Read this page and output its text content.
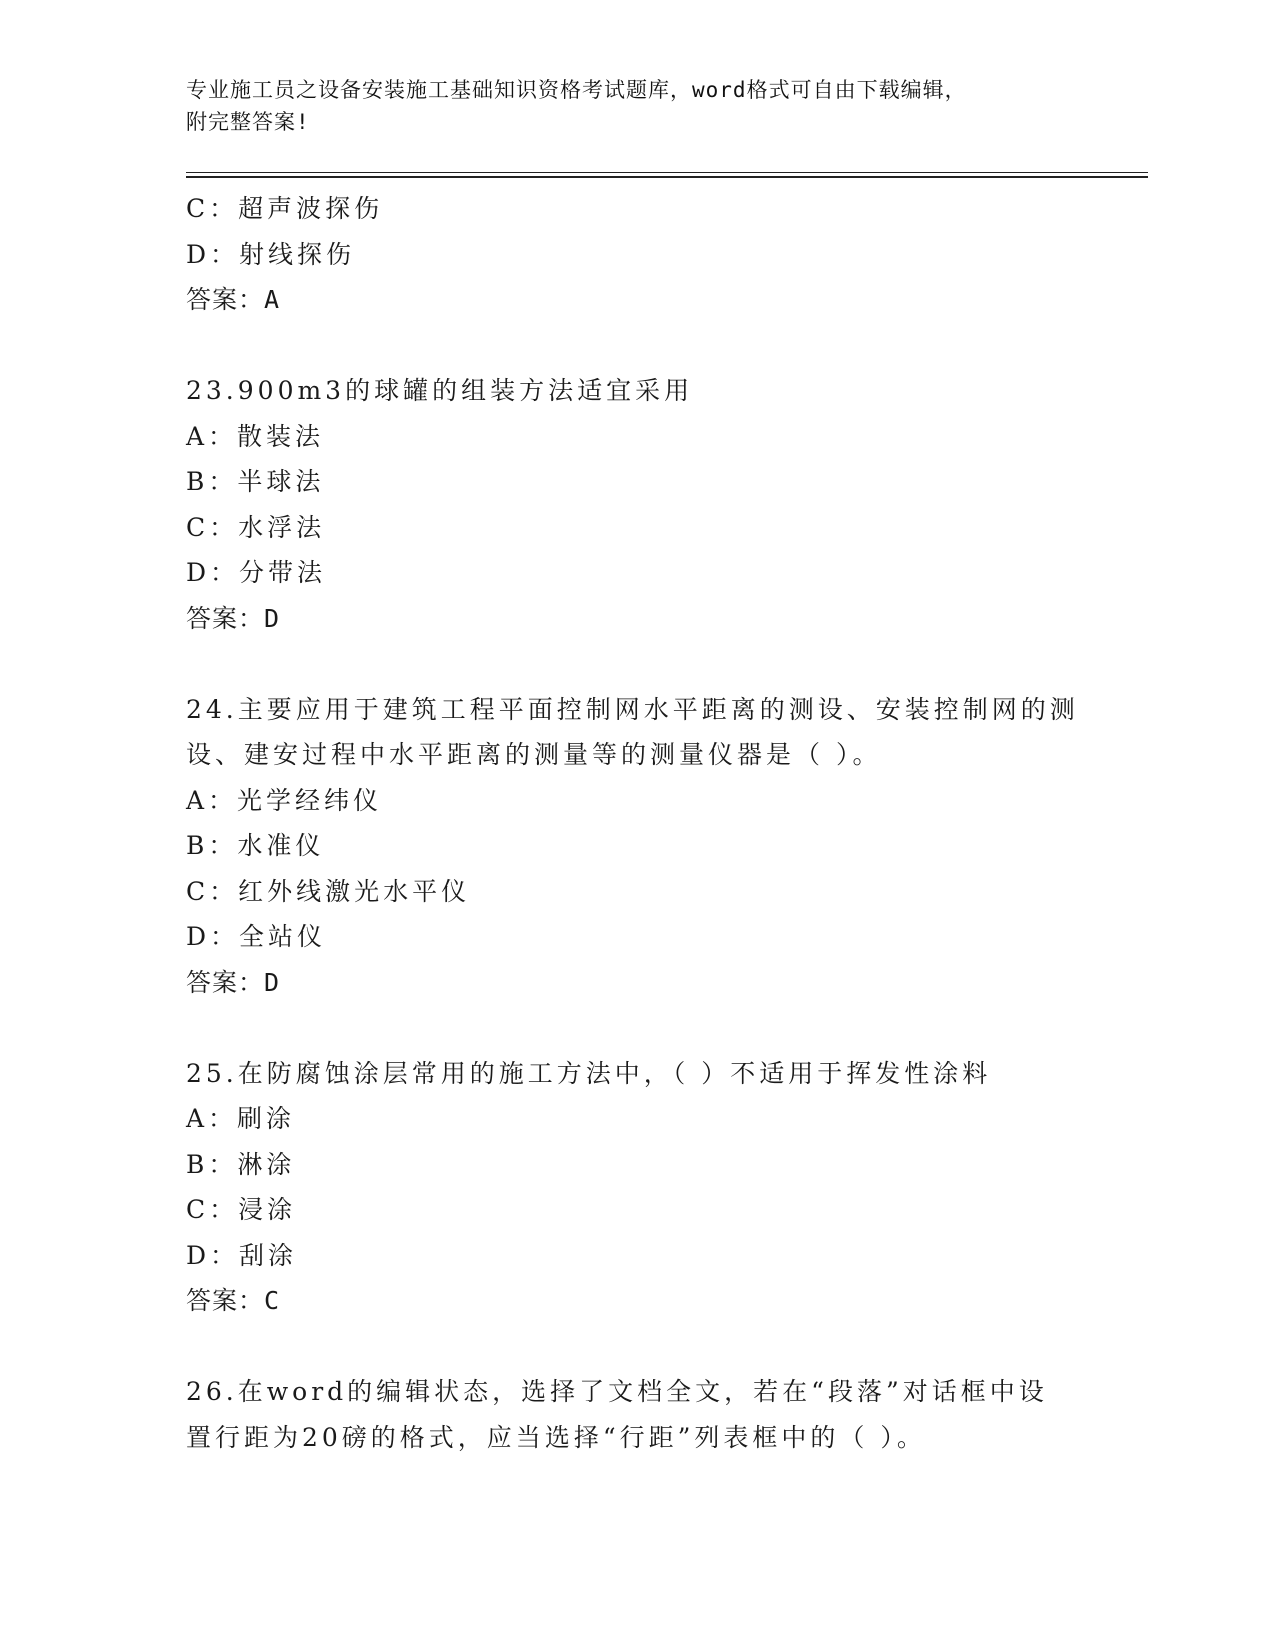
专业施工员之设备安装施工基础知识资格考试题库，word格式可自由下载编辑，
附完整答案!
C：超声波探伤
D：射线探伤
答案：A
23.900m3的球罐的组装方法适宜采用
A：散装法
B：半球法
C：水浮法
D：分带法
答案：D
24.主要应用于建筑工程平面控制网水平距离的测设、安装控制网的测
设、建安过程中水平距离的测量等的测量仪器是（ ）。
A：光学经纬仪
B：水准仪
C：红外线激光水平仪
D：全站仪
答案：D
25.在防腐蚀涂层常用的施工方法中，（ ）不适用于挥发性涂料
A：刷涂
B：淋涂
C：浸涂
D：刮涂
答案：C
26.在word的编辑状态，选择了文档全文，若在“段落”对话框中设
置行距为20磅的格式，应当选择“行距”列表框中的（ ）。
